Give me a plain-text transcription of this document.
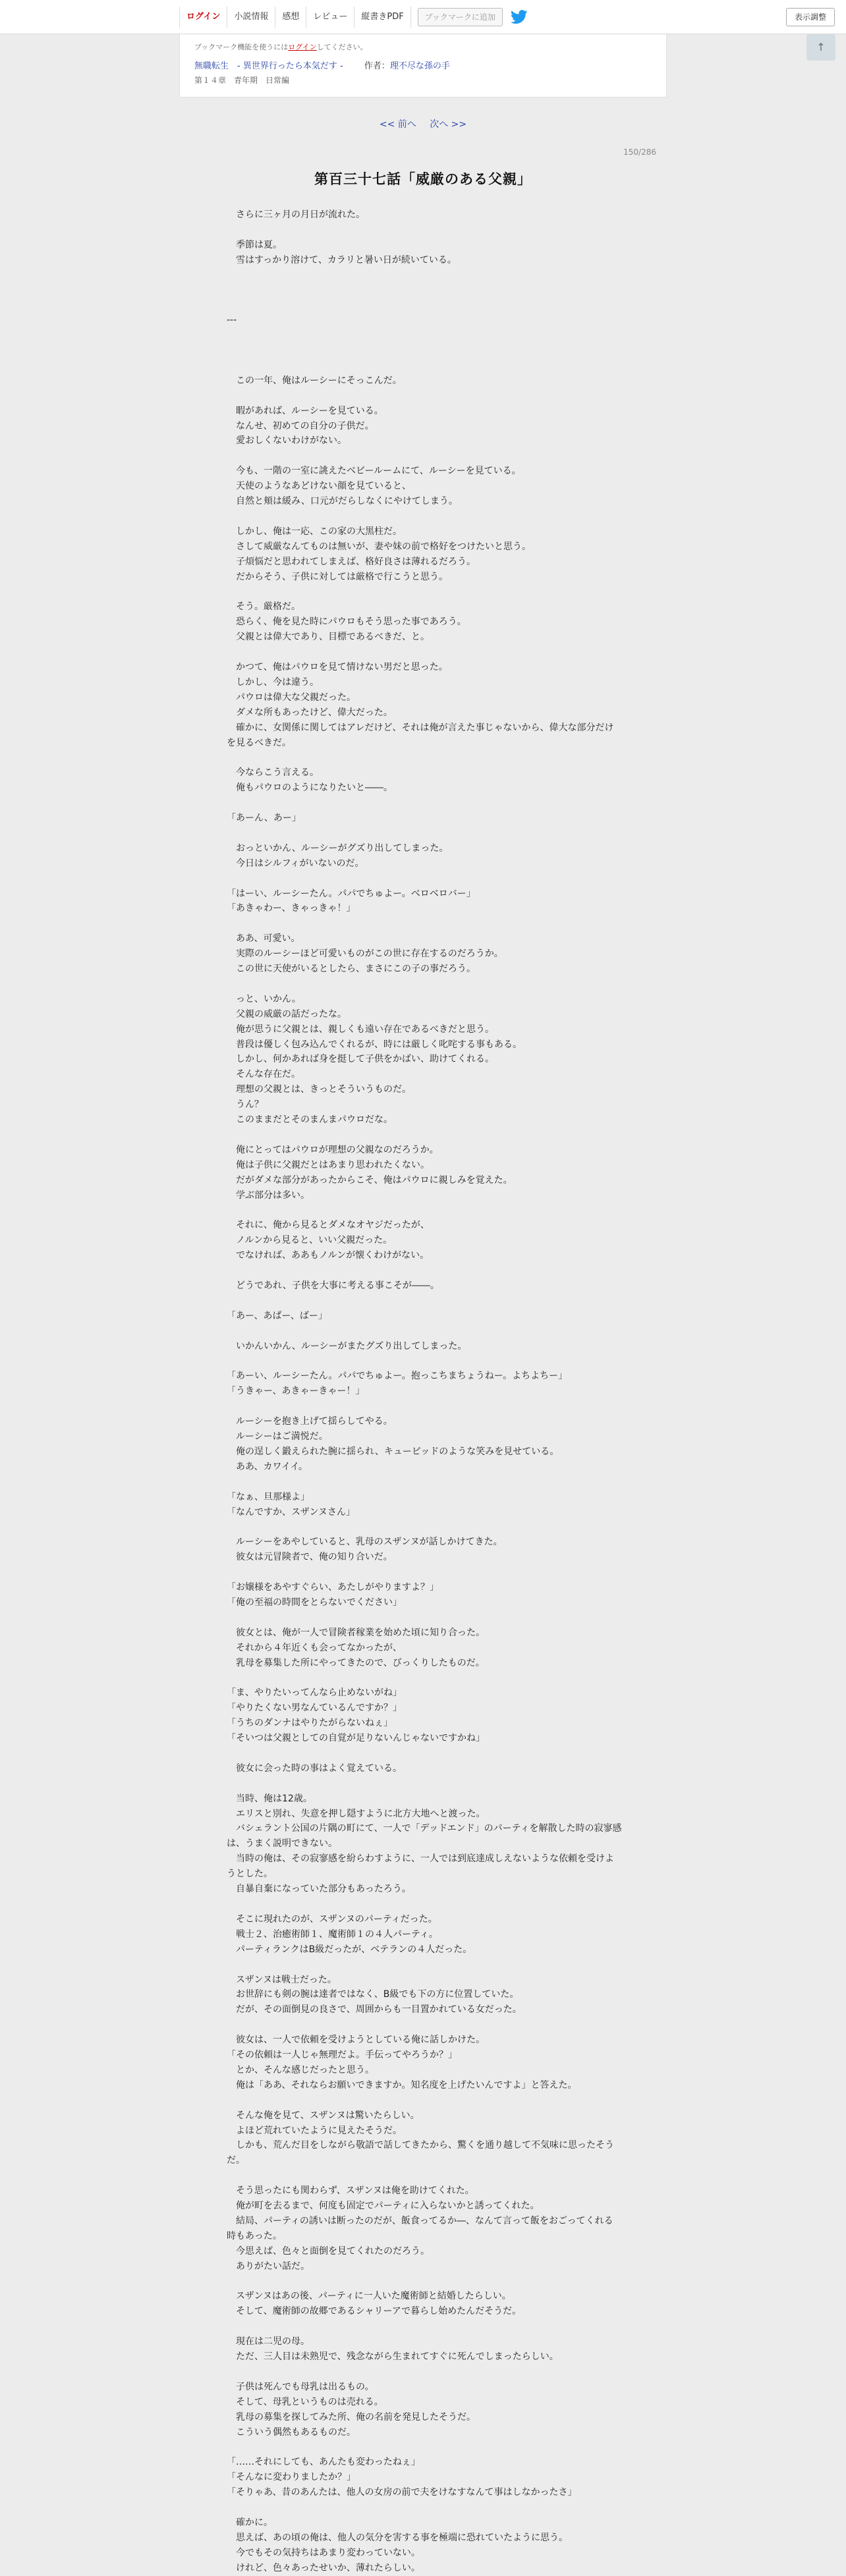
ログイン	小説情報	感想	レビュー	縦書きPDF	ブックマークに追加	表示調整
↑
ブックマーク機能を使うにはログインしてください。
無職転生　- 異世界行ったら本気だす - 作者：理不尽な孫の手
第１４章　青年期　日常編
<< 前へ 次へ >>
150/286
第百三十七話「威厳のある父親」

　さらに三ヶ月の月日が流れた。

　季節は夏。

　雪はすっかり溶けて、カラリと暑い日が続いている。

---

　この一年、俺はルーシーにそっこんだ。

　暇があれば、ルーシーを見ている。

　なんせ、初めての自分の子供だ。

　愛おしくないわけがない。

　今も、一階の一室に誂えたベビールームにて、ルーシーを見ている。

　天使のようなあどけない顔を見ていると、

　自然と頬は緩み、口元がだらしなくにやけてしまう。

　しかし、俺は一応、この家の大黒柱だ。

　さして威厳なんてものは無いが、妻や妹の前で格好をつけたいと思う。

　子煩悩だと思われてしまえば、格好良さは薄れるだろう。

　だからそう、子供に対しては厳格で行こうと思う。

　そう。厳格だ。

　恐らく、俺を見た時にパウロもそう思った事であろう。

　父親とは偉大であり、目標であるべきだ、と。

　かつて、俺はパウロを見て情けない男だと思った。

　しかし、今は違う。

　パウロは偉大な父親だった。

　ダメな所もあったけど、偉大だった。

　確かに、女関係に関してはアレだけど、それは俺が言えた事じゃないから、偉大な部分だけを見るべきだ。

　今ならこう言える。

　俺もパウロのようになりたいと――。

「あーん、あー」

　おっといかん、ルーシーがグズり出してしまった。

　今日はシルフィがいないのだ。

「はーい、ルーシーたん。パパでちゅよー。ベロベロバー」

「あきゃわー、きゃっきゃ！」

　ああ、可愛い。

　実際のルーシーほど可愛いものがこの世に存在するのだろうか。

　この世に天使がいるとしたら、まさにこの子の事だろう。

　っと、いかん。

　父親の威厳の話だったな。

　俺が思うに父親とは、親しくも遠い存在であるべきだと思う。

　普段は優しく包み込んでくれるが、時には厳しく叱咤する事もある。

　しかし、何かあれば身を挺して子供をかばい、助けてくれる。

　そんな存在だ。

　理想の父親とは、きっとそういうものだ。

　うん？

　このままだとそのまんまパウロだな。

　俺にとってはパウロが理想の父親なのだろうか。

　俺は子供に父親だとはあまり思われたくない。

　だがダメな部分があったからこそ、俺はパウロに親しみを覚えた。

　学ぶ部分は多い。

　それに、俺から見るとダメなオヤジだったが、

　ノルンから見ると、いい父親だった。

　でなければ、ああもノルンが懐くわけがない。

　どうであれ、子供を大事に考える事こそが――。

「あー、あぱー、ばー」

　いかんいかん、ルーシーがまたグズり出してしまった。

「あーい、ルーシーたん。パパでちゅよー。抱っこちまちょうねー。よちよちー」

「うきゃー、あきゃーきゃー！」

　ルーシーを抱き上げて揺らしてやる。

　ルーシーはご満悦だ。

　俺の逞しく鍛えられた腕に揺られ、キューピッドのような笑みを見せている。

　ああ、カワイイ。

「なぁ、旦那様よ」

「なんですか、スザンヌさん」

　ルーシーをあやしていると、乳母のスザンヌが話しかけてきた。

　彼女は元冒険者で、俺の知り合いだ。

「お嬢様をあやすぐらい、あたしがやりますよ？」

「俺の至福の時間をとらないでください」

　彼女とは、俺が一人で冒険者稼業を始めた頃に知り合った。

　それから４年近くも会ってなかったが、

　乳母を募集した所にやってきたので、びっくりしたものだ。

「ま、やりたいってんなら止めないがね」

「やりたくない男なんているんですか？」

「うちのダンナはやりたがらないねぇ」

「そいつは父親としての自覚が足りないんじゃないですかね」

　彼女に会った時の事はよく覚えている。

　当時、俺は12歳。

　エリスと別れ、失意を押し隠すように北方大地へと渡った。

　バシェラント公国の片隅の町にて、一人で「デッドエンド」のパーティを解散した時の寂寥感は、うまく説明できない。

　当時の俺は、その寂寥感を紛らわすように、一人では到底達成しえないような依頼を受けようとした。

　自暴自棄になっていた部分もあったろう。

　そこに現れたのが、スザンヌのパーティだった。

　戦士２、治癒術師１、魔術師１の４人パーティ。

　パーティランクはB級だったが、ベテランの４人だった。

　スザンヌは戦士だった。

　お世辞にも剣の腕は達者ではなく、B級でも下の方に位置していた。

　だが、その面倒見の良さで、周囲からも一目置かれている女だった。

　彼女は、一人で依頼を受けようとしている俺に話しかけた。

「その依頼は一人じゃ無理だよ。手伝ってやろうか？」

　とか、そんな感じだったと思う。

　俺は「ああ、それならお願いできますか。知名度を上げたいんですよ」と答えた。

　そんな俺を見て、スザンヌは驚いたらしい。

　よほど荒れていたように見えたそうだ。

　しかも、荒んだ目をしながら敬語で話してきたから、驚くを通り越して不気味に思ったそうだ。

　そう思ったにも関わらず、スザンヌは俺を助けてくれた。

　俺が町を去るまで、何度も固定でパーティに入らないかと誘ってくれた。

　結局、パーティの誘いは断ったのだが、飯食ってるか―、なんて言って飯をおごってくれる時もあった。

　今思えば、色々と面倒を見てくれたのだろう。

　ありがたい話だ。

　スザンヌはあの後、パーティに一人いた魔術師と結婚したらしい。

　そして、魔術師の故郷であるシャリーアで暮らし始めたんだそうだ。

　現在は二児の母。

　ただ、三人目は未熟児で、残念ながら生まれてすぐに死んでしまったらしい。

　子供は死んでも母乳は出るもの。

　そして、母乳というものは売れる。

　乳母の募集を探してみた所、俺の名前を発見したそうだ。

　こういう偶然もあるものだ。

「……それにしても、あんたも変わったねぇ」

「そんなに変わりましたか？」

「そりゃあ、昔のあんたは、他人の女房の前で夫をけなすなんて事はしなかったさ」

　確かに。

　思えば、あの頃の俺は、他人の気分を害する事を極端に恐れていたように思う。

　今でもその気持ちはあまり変わっていない。

　けれど、色々あったせいか、薄れたらしい。
